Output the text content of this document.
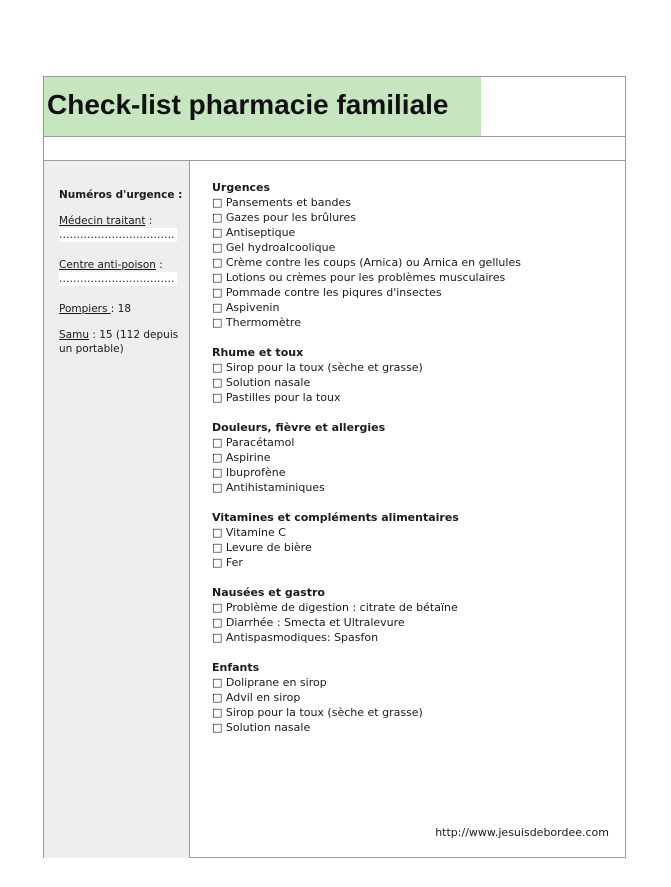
Check-list pharmacie familiale
Numéros d'urgence :
Médecin traitant :
……………………………
Centre anti-poison :
……………………………
Pompiers : 18
Samu : 15 (112 depuis un portable)
Urgences
□ Pansements et bandes
□ Gazes pour les brûlures
□ Antiseptique
□ Gel hydroalcoolique
□ Crème contre les coups (Arnica) ou Arnica en gellules
□ Lotions ou crèmes pour les problèmes musculaires
□ Pommade contre les piqures d'insectes
□ Aspivenin
□ Thermomètre
Rhume et toux
□ Sirop pour la toux (sèche et grasse)
□ Solution nasale
□ Pastilles pour la toux
Douleurs, fièvre et allergies
□ Paracétamol
□ Aspirine
□ Ibuprofène
□ Antihistaminiques
Vitamines et compléments alimentaires
□ Vitamine C
□ Levure de bière
□ Fer
Nausées et gastro
□ Problème de digestion : citrate de bétaïne
□ Diarrhée : Smecta et Ultralevure
□ Antispasmodiques: Spasfon
Enfants
□ Doliprane en sirop
□ Advil en sirop
□ Sirop pour la toux (sèche et grasse)
□ Solution nasale
http://www.jesuisdebordee.com
